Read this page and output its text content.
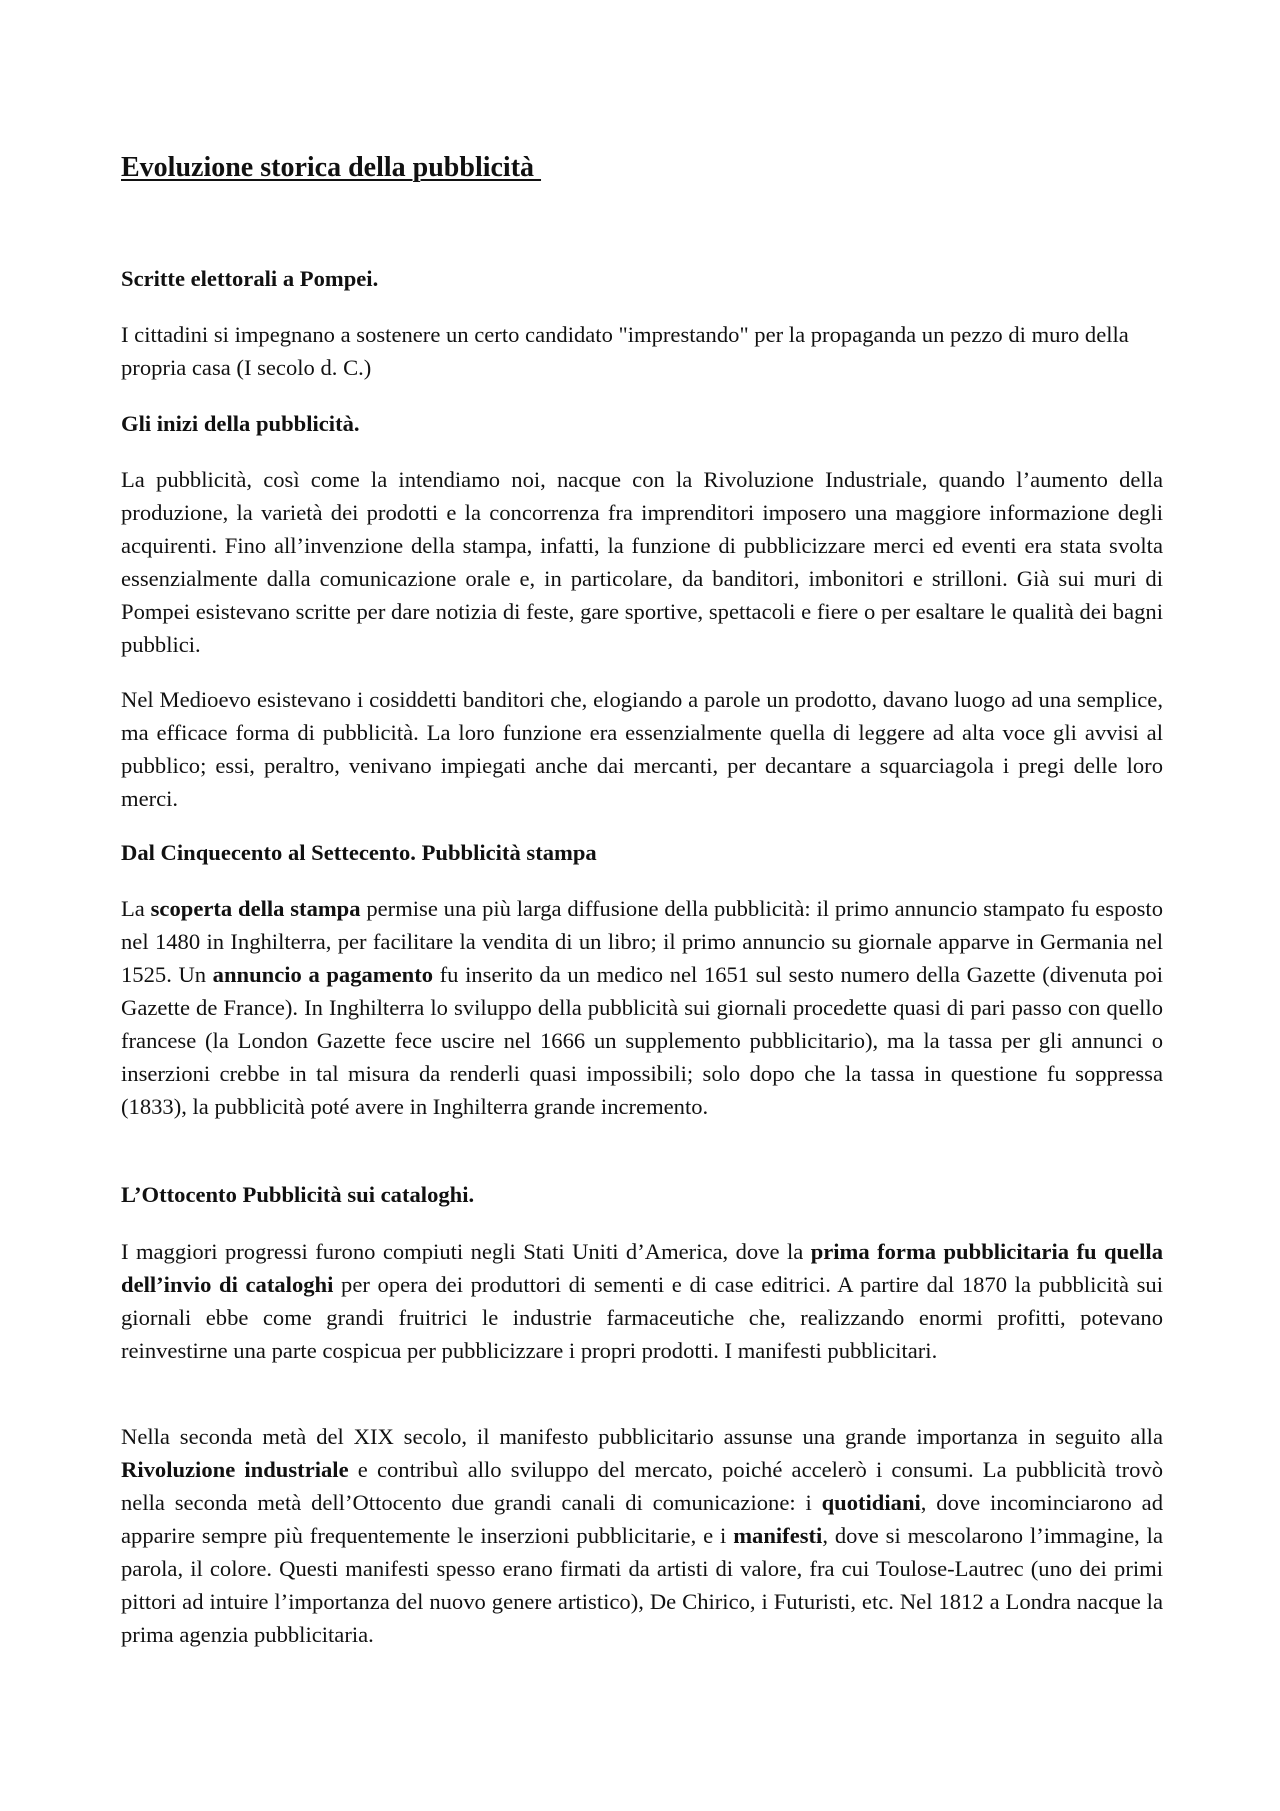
Evoluzione storica della pubblicità
Scritte elettorali a Pompei.

I cittadini si impegnano a sostenere un certo candidato "imprestando" per la propaganda un pezzo di muro della propria casa (I secolo d. C.)

Gli inizi della pubblicità.

La pubblicità, così come la intendiamo noi, nacque con la Rivoluzione Industriale, quando l’aumento della produzione, la varietà dei prodotti e la concorrenza fra imprenditori imposero una maggiore informazione degli acquirenti. Fino all’invenzione della stampa, infatti, la funzione di pubblicizzare merci ed eventi era stata svolta essenzialmente dalla comunicazione orale e, in particolare, da banditori, imbonitori e strilloni. Già sui muri di Pompei esistevano scritte per dare notizia di feste, gare sportive, spettacoli e fiere o per esaltare le qualità dei bagni pubblici.

Nel Medioevo esistevano i cosiddetti banditori che, elogiando a parole un prodotto, davano luogo ad una semplice, ma efficace forma di pubblicità. La loro funzione era essenzialmente quella di leggere ad alta voce gli avvisi al pubblico; essi, peraltro, venivano impiegati anche dai mercanti, per decantare a squarciagola i pregi delle loro merci.

Dal Cinquecento al Settecento. Pubblicità stampa

La scoperta della stampa permise una più larga diffusione della pubblicità: il primo annuncio stampato fu esposto nel 1480 in Inghilterra, per facilitare la vendita di un libro; il primo annuncio su giornale apparve in Germania nel 1525. Un annuncio a pagamento fu inserito da un medico nel 1651 sul sesto numero della Gazette (divenuta poi Gazette de France). In Inghilterra lo sviluppo della pubblicità sui giornali procedette quasi di pari passo con quello francese (la London Gazette fece uscire nel 1666 un supplemento pubblicitario), ma la tassa per gli annunci o inserzioni crebbe in tal misura da renderli quasi impossibili; solo dopo che la tassa in questione fu soppressa (1833), la pubblicità poté avere in Inghilterra grande incremento.

L’Ottocento Pubblicità sui cataloghi.

I maggiori progressi furono compiuti negli Stati Uniti d’America, dove la prima forma pubblicitaria fu quella dell’invio di cataloghi per opera dei produttori di sementi e di case editrici. A partire dal 1870 la pubblicità sui giornali ebbe come grandi fruitrici le industrie farmaceutiche che, realizzando enormi profitti, potevano reinvestirne una parte cospicua per pubblicizzare i propri prodotti. I manifesti pubblicitari.

Nella seconda metà del XIX secolo, il manifesto pubblicitario assunse una grande importanza in seguito alla Rivoluzione industriale e contribuì allo sviluppo del mercato, poiché accelerò i consumi. La pubblicità trovò nella seconda metà dell’Ottocento due grandi canali di comunicazione: i quotidiani, dove incominciarono ad apparire sempre più frequentemente le inserzioni pubblicitarie, e i manifesti, dove si mescolarono l’immagine, la parola, il colore. Questi manifesti spesso erano firmati da artisti di valore, fra cui Toulose-Lautrec (uno dei primi pittori ad intuire l’importanza del nuovo genere artistico), De Chirico, i Futuristi, etc. Nel 1812 a Londra nacque la prima agenzia pubblicitaria.
